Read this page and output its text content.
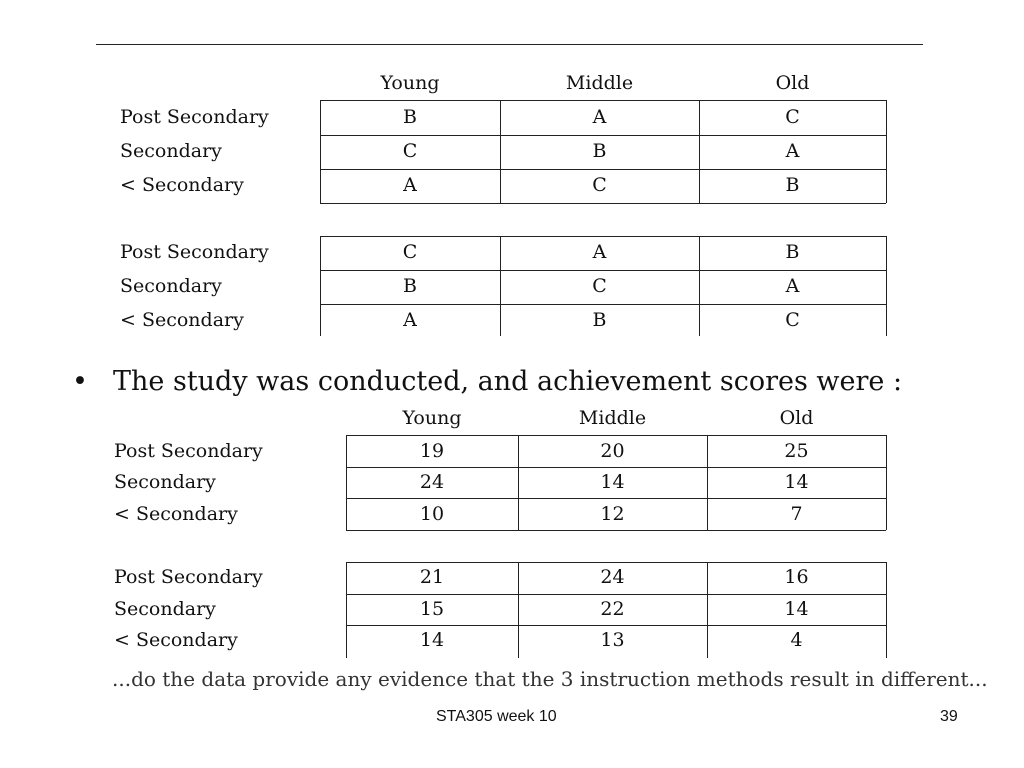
Young	Middle	Old
Post Secondary	B	A	C
Secondary	C	B	A
< Secondary	A	C	B
Post Secondary	C	A	B
Secondary	B	C	A
< Secondary	A	B	C
• The study was conducted, and achievement scores were :
Young	Middle	Old
Post Secondary	19	20	25
Secondary	24	14	14
< Secondary	10	12	7
Post Secondary	21	24	16
Secondary	15	22	14
< Secondary	14	13	4
...do the data provide any evidence that the 3 instruction methods result in different...
STA305 week 10	39
